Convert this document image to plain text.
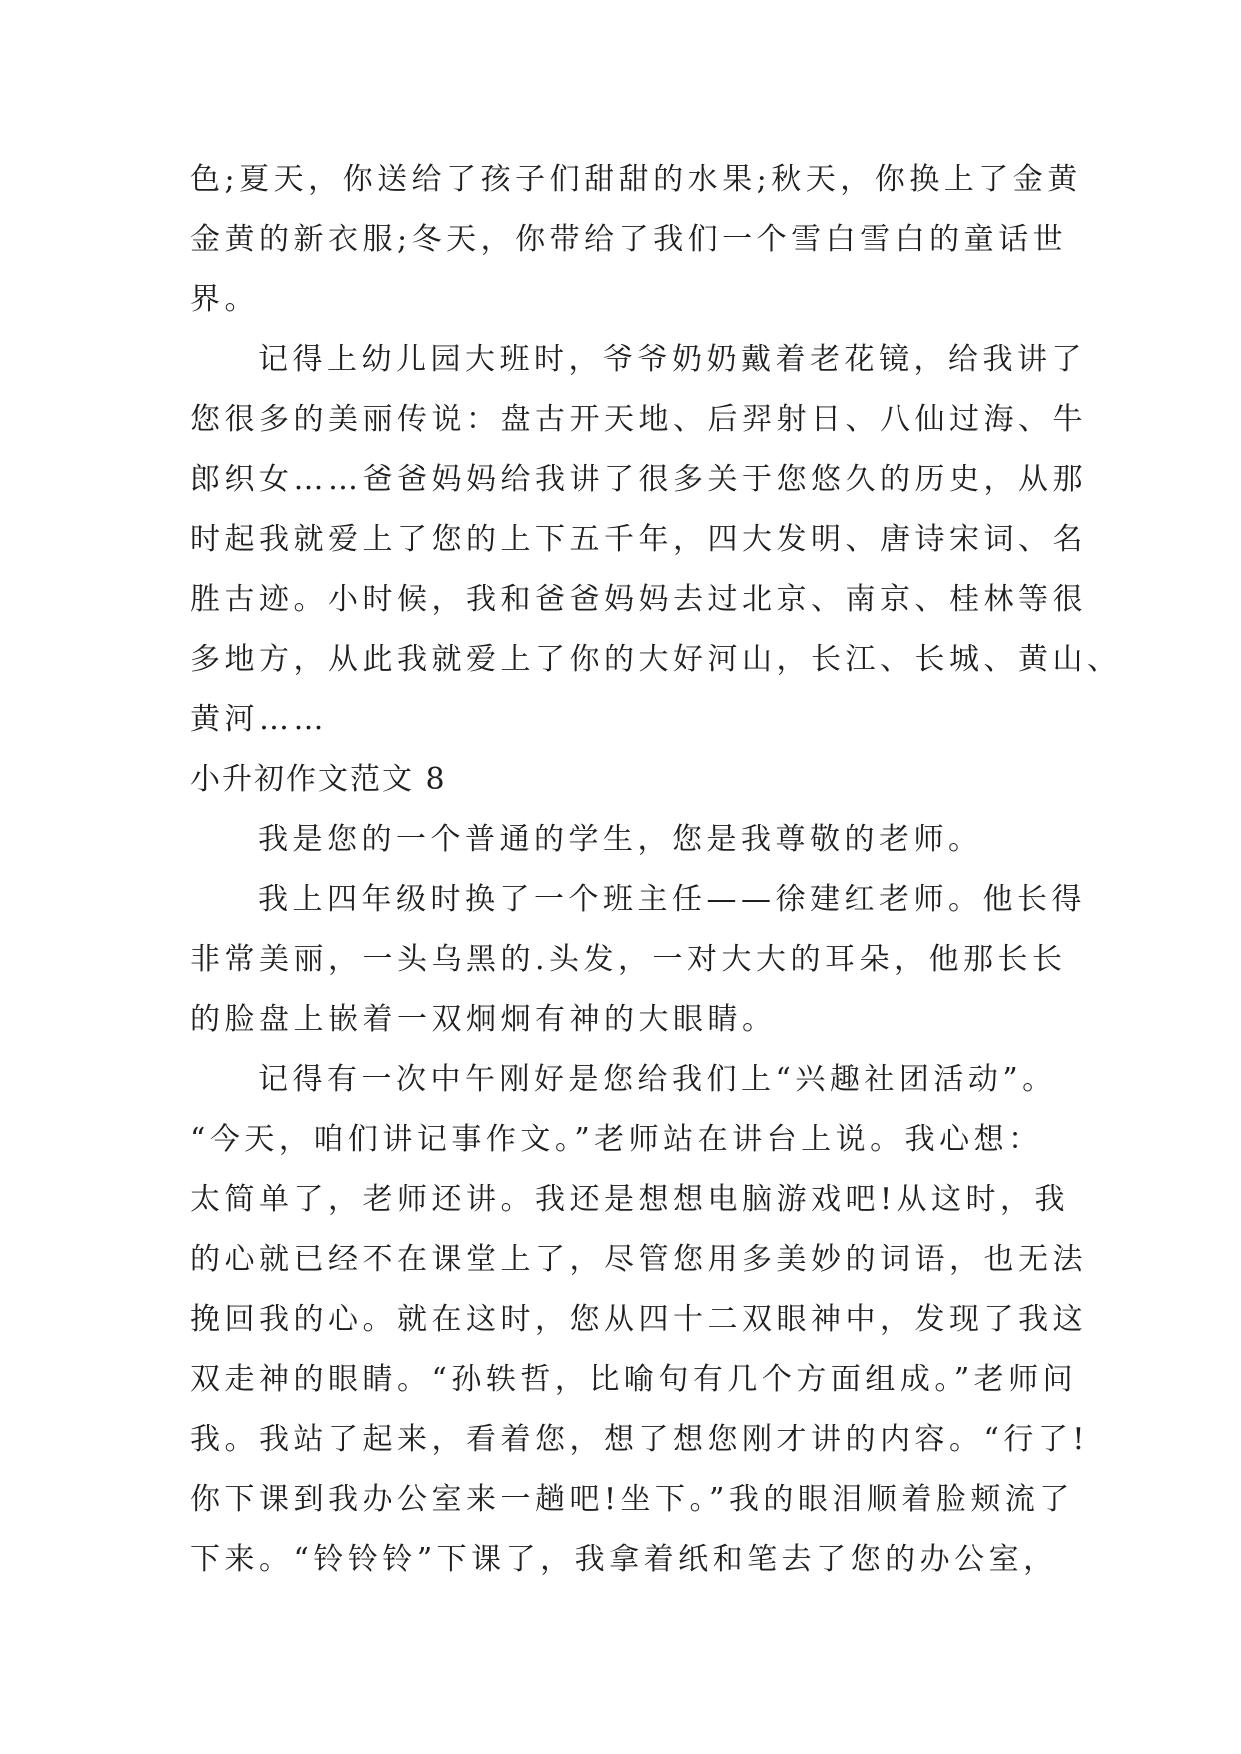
色;夏天，你送给了孩子们甜甜的水果;秋天，你换上了金黄
金黄的新衣服;冬天，你带给了我们一个雪白雪白的童话世
界。
记得上幼儿园大班时，爷爷奶奶戴着老花镜，给我讲了
您很多的美丽传说：盘古开天地、后羿射日、八仙过海、牛
郎织女……爸爸妈妈给我讲了很多关于您悠久的历史，从那
时起我就爱上了您的上下五千年，四大发明、唐诗宋词、名
胜古迹。小时候，我和爸爸妈妈去过北京、南京、桂林等很
多地方，从此我就爱上了你的大好河山，长江、长城、黄山、
黄河……
小升初作文范文 8
我是您的一个普通的学生，您是我尊敬的老师。
我上四年级时换了一个班主任——徐建红老师。他长得
非常美丽，一头乌黑的.头发，一对大大的耳朵，他那长长
的脸盘上嵌着一双炯炯有神的大眼睛。
记得有一次中午刚好是您给我们上“兴趣社团活动”。
“今天，咱们讲记事作文。”老师站在讲台上说。我心想：
太简单了，老师还讲。我还是想想电脑游戏吧!从这时，我
的心就已经不在课堂上了，尽管您用多美妙的词语，也无法
挽回我的心。就在这时，您从四十二双眼神中，发现了我这
双走神的眼睛。“孙轶哲，比喻句有几个方面组成。”老师问
我。我站了起来，看着您，想了想您刚才讲的内容。“行了!
你下课到我办公室来一趟吧!坐下。”我的眼泪顺着脸颊流了
下来。“铃铃铃”下课了，我拿着纸和笔去了您的办公室，
